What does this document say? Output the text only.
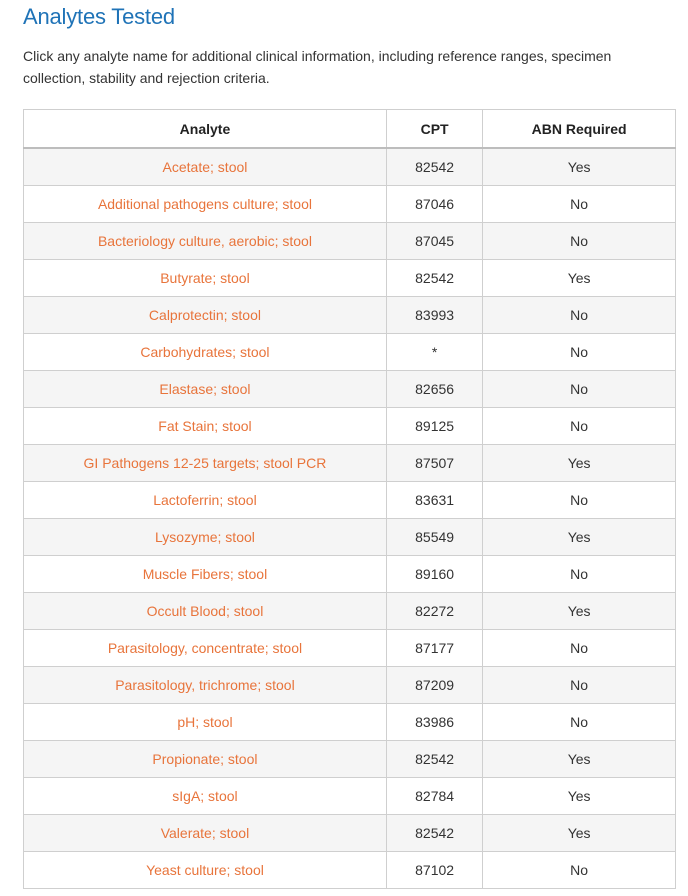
Analytes Tested

Click any analyte name for additional clinical information, including reference ranges, specimen collection, stability and rejection criteria.

Analyte	CPT	ABN Required
Acetate; stool	82542	Yes
Additional pathogens culture; stool	87046	No
Bacteriology culture, aerobic; stool	87045	No
Butyrate; stool	82542	Yes
Calprotectin; stool	83993	No
Carbohydrates; stool	*	No
Elastase; stool	82656	No
Fat Stain; stool	89125	No
GI Pathogens 12-25 targets; stool PCR	87507	Yes
Lactoferrin; stool	83631	No
Lysozyme; stool	85549	Yes
Muscle Fibers; stool	89160	No
Occult Blood; stool	82272	Yes
Parasitology, concentrate; stool	87177	No
Parasitology, trichrome; stool	87209	No
pH; stool	83986	No
Propionate; stool	82542	Yes
sIgA; stool	82784	Yes
Valerate; stool	82542	Yes
Yeast culture; stool	87102	No
